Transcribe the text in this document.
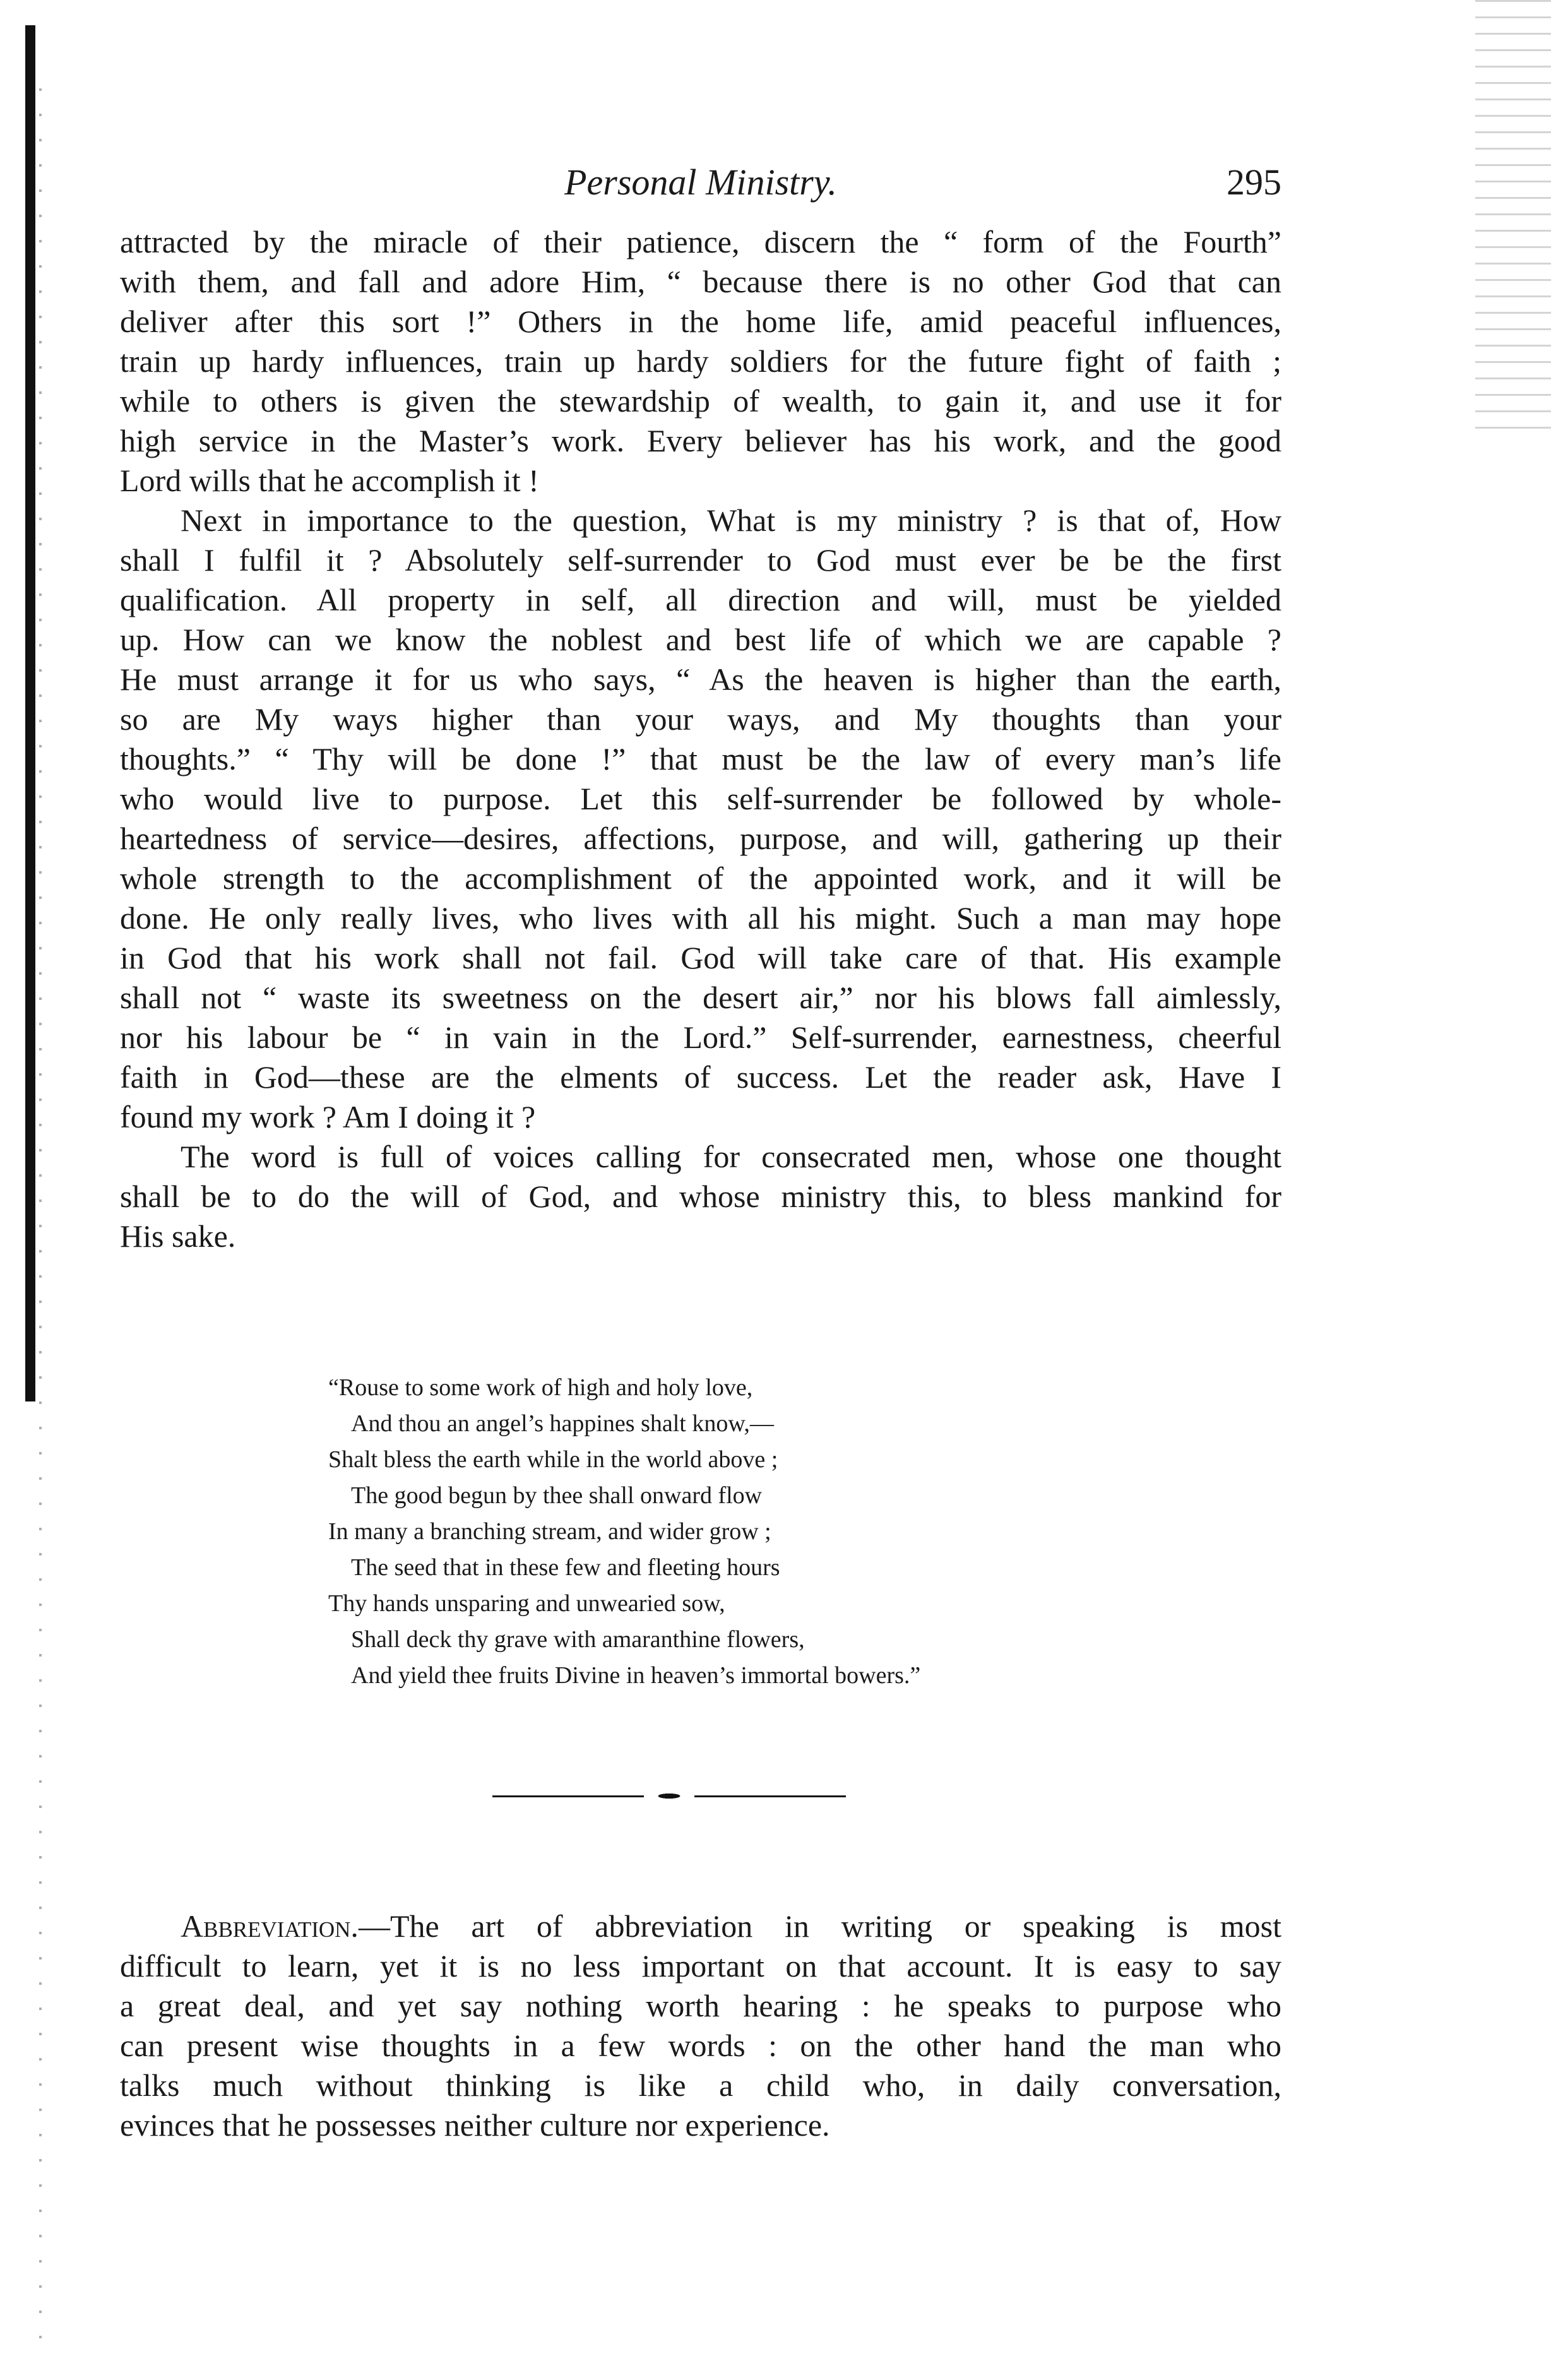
Personal Ministry.	295
attracted by the miracle of their patience, discern the “ form of the Fourth”
with them, and fall and adore Him, “ because there is no other God that can
deliver after this sort !” Others in the home life, amid peaceful influences,
train up hardy influences, train up hardy soldiers for the future fight of faith ;
while to others is given the stewardship of wealth, to gain it, and use it for
high service in the Master’s work. Every believer has his work, and the good
Lord wills that he accomplish it !
Next in importance to the question, What is my ministry ? is that of, How
shall I fulfil it ? Absolutely self-surrender to God must ever be be the first
qualification. All property in self, all direction and will, must be yielded
up. How can we know the noblest and best life of which we are capable ?
He must arrange it for us who says, “ As the heaven is higher than the earth,
so are My ways higher than your ways, and My thoughts than your
thoughts.” “ Thy will be done !” that must be the law of every man’s life
who would live to purpose. Let this self-surrender be followed by whole-
heartedness of service—desires, affections, purpose, and will, gathering up their
whole strength to the accomplishment of the appointed work, and it will be
done. He only really lives, who lives with all his might. Such a man may hope
in God that his work shall not fail. God will take care of that. His example
shall not “ waste its sweetness on the desert air,” nor his blows fall aimlessly,
nor his labour be “ in vain in the Lord.” Self-surrender, earnestness, cheerful
faith in God—these are the elments of success. Let the reader ask, Have I
found my work ? Am I doing it ?
The word is full of voices calling for consecrated men, whose one thought
shall be to do the will of God, and whose ministry this, to bless mankind for
His sake.
“Rouse to some work of high and holy love,
And thou an angel’s happines shalt know,—
Shalt bless the earth while in the world above ;
The good begun by thee shall onward flow
In many a branching stream, and wider grow ;
The seed that in these few and fleeting hours
Thy hands unsparing and unwearied sow,
Shall deck thy grave with amaranthine flowers,
And yield thee fruits Divine in heaven’s immortal bowers.”
Abbreviation.—The art of abbreviation in writing or speaking is most
difficult to learn, yet it is no less important on that account. It is easy to say
a great deal, and yet say nothing worth hearing : he speaks to purpose who
can present wise thoughts in a few words : on the other hand the man who
talks much without thinking is like a child who, in daily conversation,
evinces that he possesses neither culture nor experience.
